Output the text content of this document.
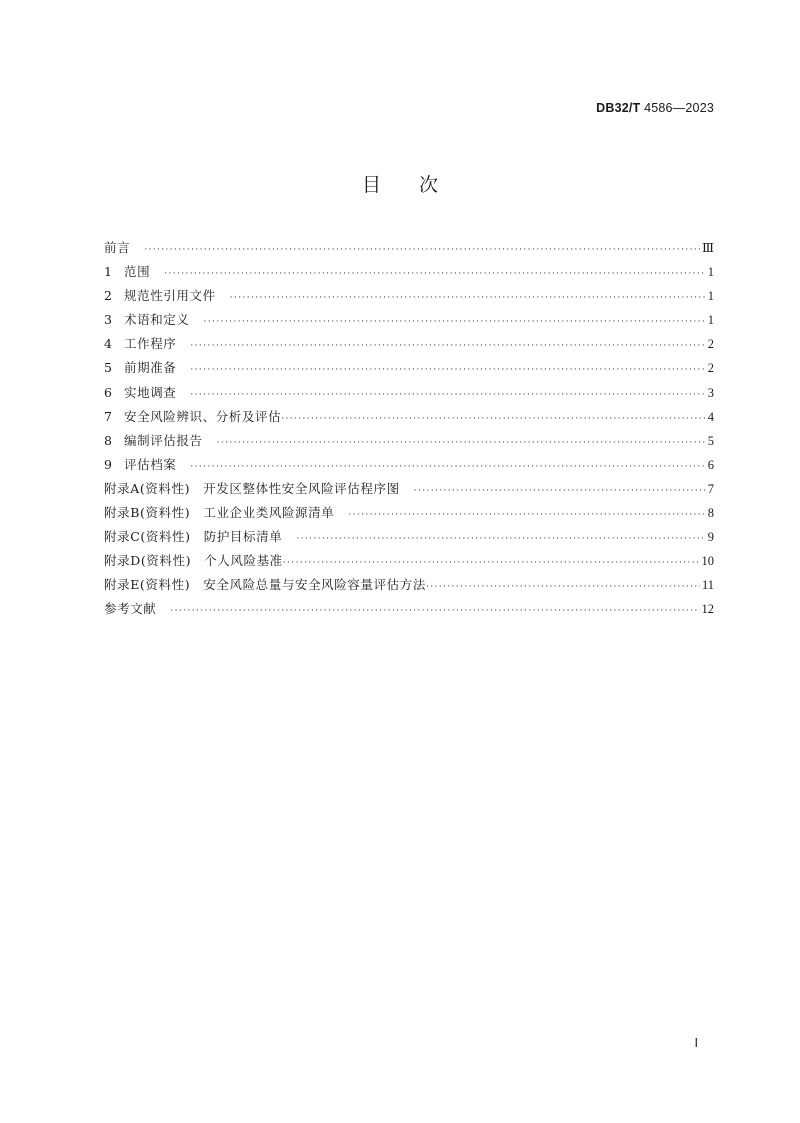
DB32/T 4586—2023
目次
前言 ·····	Ⅲ
1 范围 ·····	1
2 规范性引用文件 ·····	1
3 术语和定义 ·····	1
4 工作程序 ·····	2
5 前期准备 ·····	2
6 实地调查 ·····	3
7 安全风险辨识、分析及评估 ·····	4
8 编制评估报告 ·····	5
9 评估档案 ·····	6
附录A(资料性)　开发区整体性安全风险评估程序图 ·····	7
附录B(资料性)　工业企业类风险源清单 ·····	8
附录C(资料性)　防护目标清单 ·····	9
附录D(资料性)　个人风险基准 ·····	10
附录E(资料性)　安全风险总量与安全风险容量评估方法 ·····	11
参考文献 ·····	12
Ⅰ
